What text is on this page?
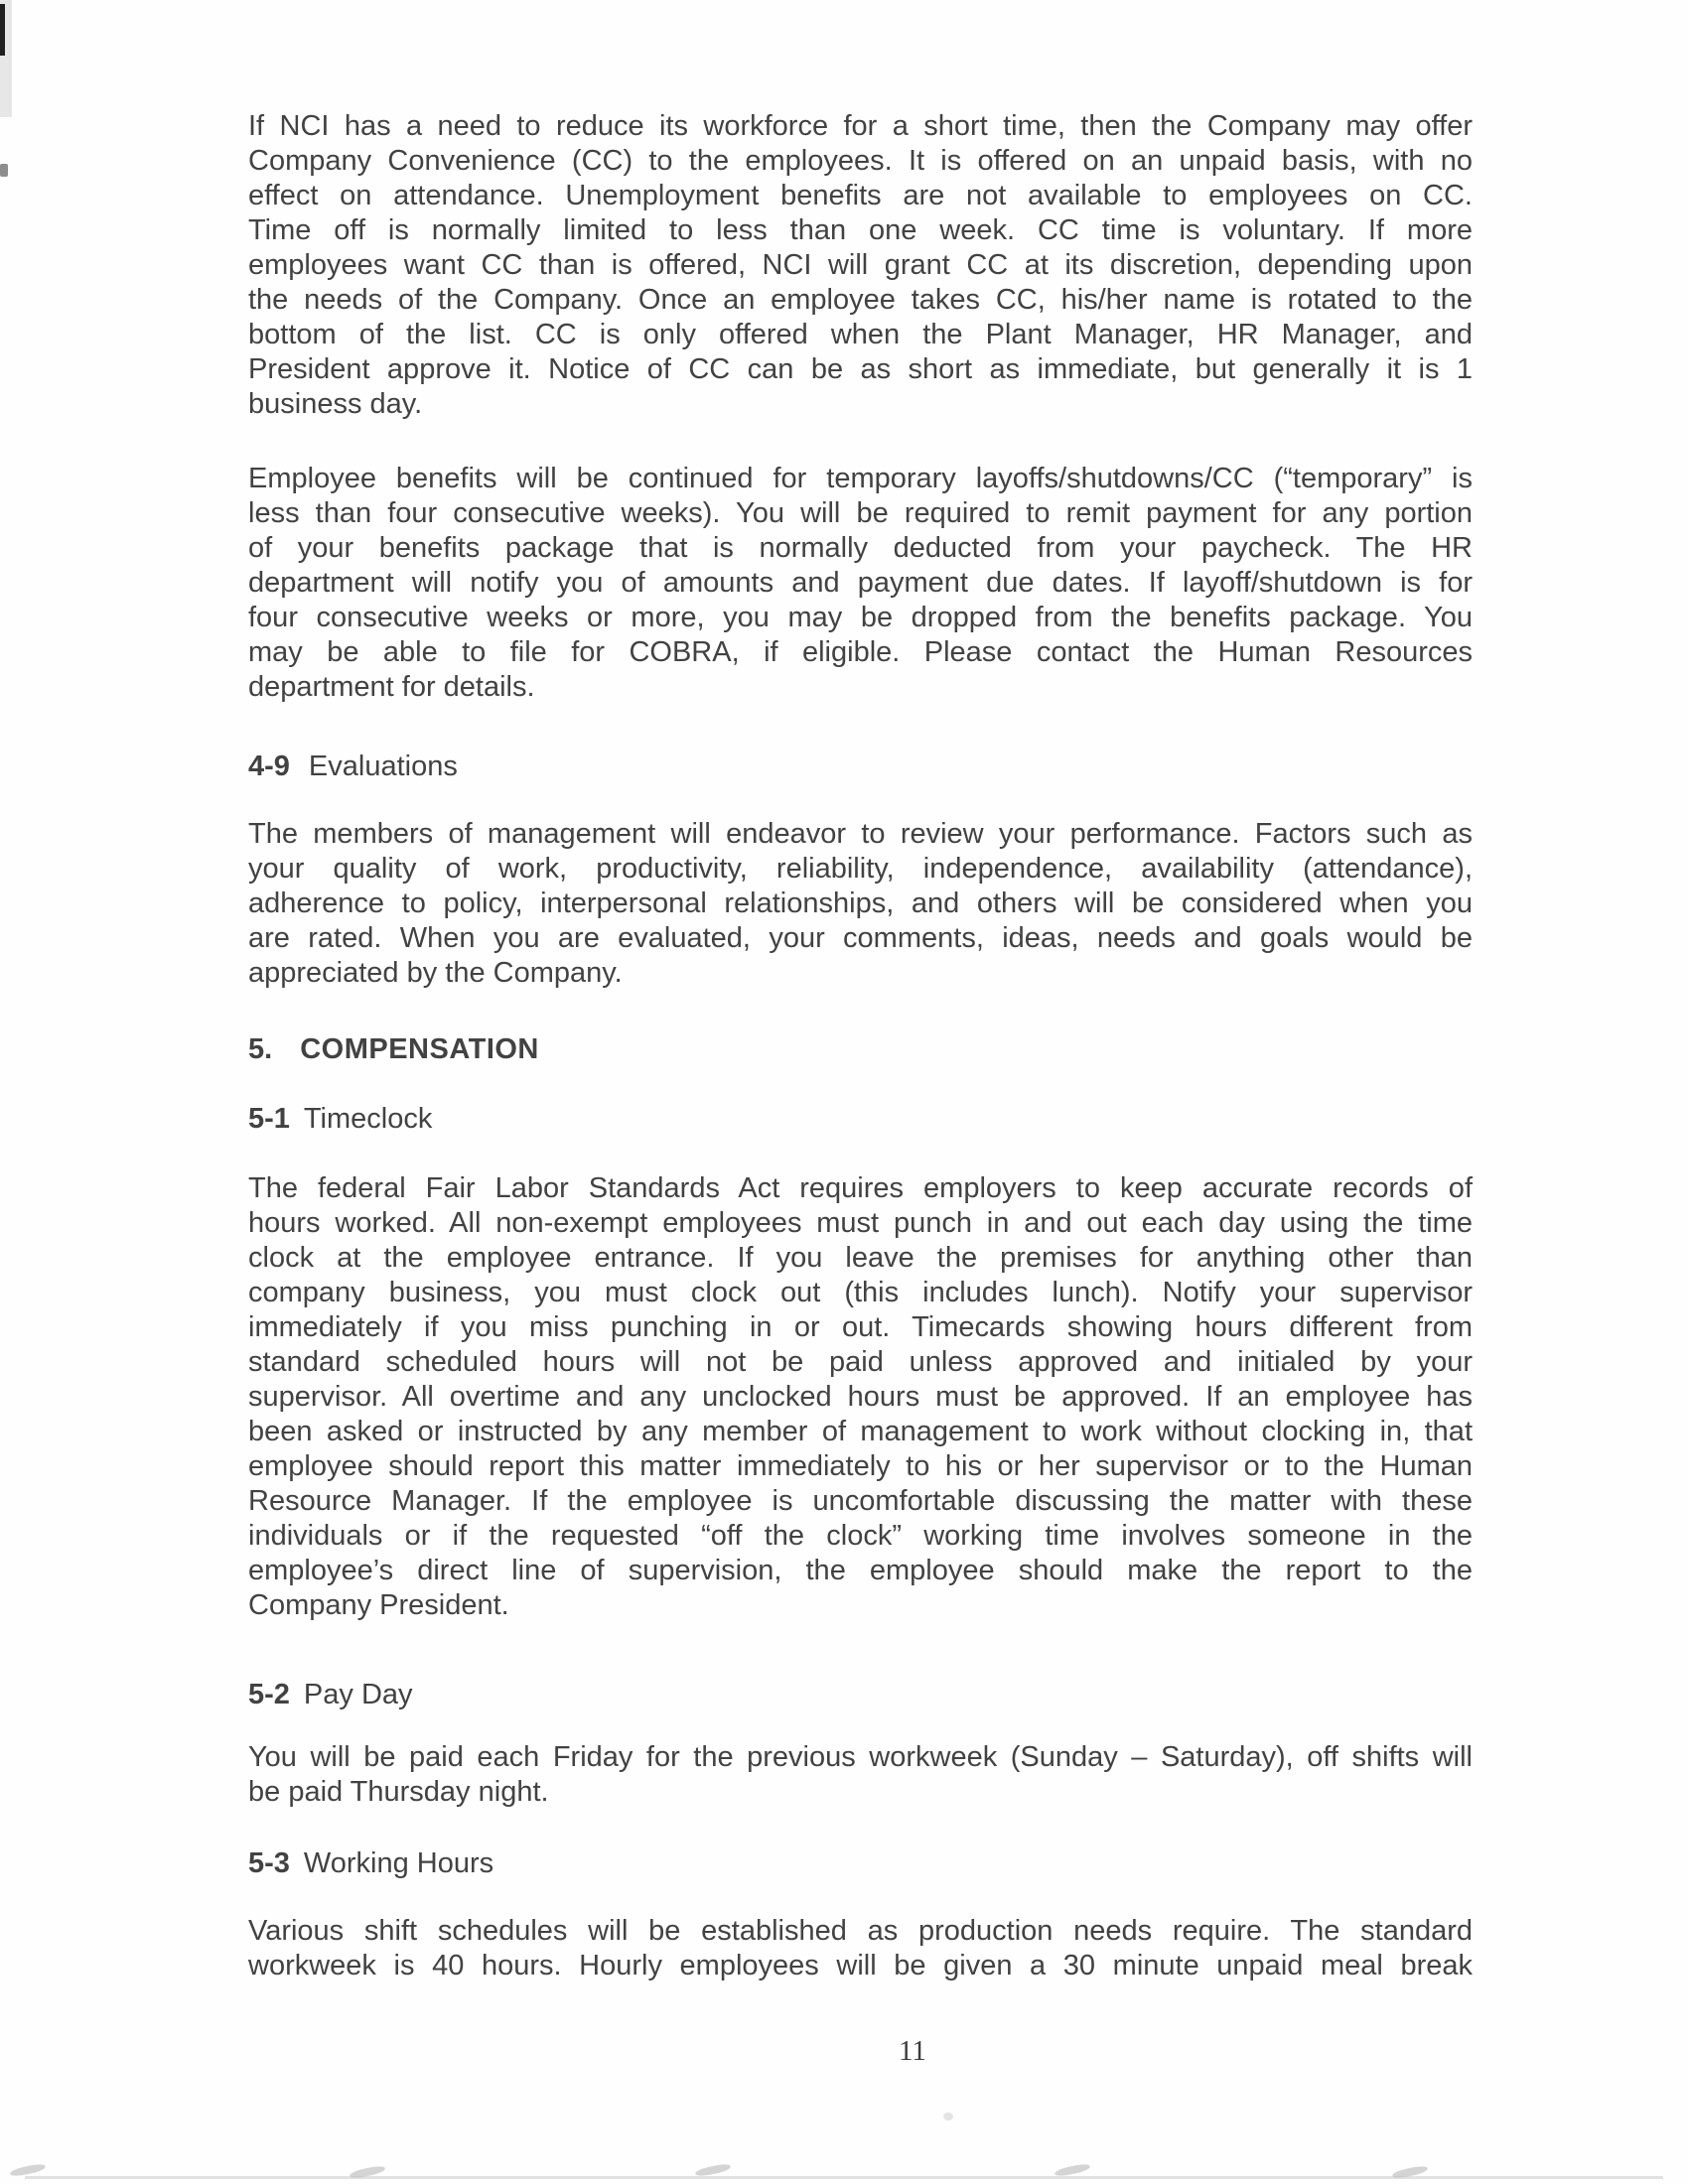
If NCI has a need to reduce its workforce for a short time, then the Company may offer
Company Convenience (CC) to the employees. It is offered on an unpaid basis, with no
effect on attendance. Unemployment benefits are not available to employees on CC.
Time off is normally limited to less than one week. CC time is voluntary. If more
employees want CC than is offered, NCI will grant CC at its discretion, depending upon
the needs of the Company. Once an employee takes CC, his/her name is rotated to the
bottom of the list. CC is only offered when the Plant Manager, HR Manager, and
President approve it. Notice of CC can be as short as immediate, but generally it is 1
business day.
Employee benefits will be continued for temporary layoffs/shutdowns/CC (“temporary” is
less than four consecutive weeks). You will be required to remit payment for any portion
of your benefits package that is normally deducted from your paycheck. The HR
department will notify you of amounts and payment due dates. If layoff/shutdown is for
four consecutive weeks or more, you may be dropped from the benefits package. You
may be able to file for COBRA, if eligible. Please contact the Human Resources
department for details.
4-9 Evaluations
The members of management will endeavor to review your performance. Factors such as
your quality of work, productivity, reliability, independence, availability (attendance),
adherence to policy, interpersonal relationships, and others will be considered when you
are rated. When you are evaluated, your comments, ideas, needs and goals would be
appreciated by the Company.
5. COMPENSATION
5-1 Timeclock
The federal Fair Labor Standards Act requires employers to keep accurate records of
hours worked. All non-exempt employees must punch in and out each day using the time
clock at the employee entrance. If you leave the premises for anything other than
company business, you must clock out (this includes lunch). Notify your supervisor
immediately if you miss punching in or out. Timecards showing hours different from
standard scheduled hours will not be paid unless approved and initialed by your
supervisor. All overtime and any unclocked hours must be approved. If an employee has
been asked or instructed by any member of management to work without clocking in, that
employee should report this matter immediately to his or her supervisor or to the Human
Resource Manager. If the employee is uncomfortable discussing the matter with these
individuals or if the requested “off the clock” working time involves someone in the
employee’s direct line of supervision, the employee should make the report to the
Company President.
5-2 Pay Day
You will be paid each Friday for the previous workweek (Sunday – Saturday), off shifts will
be paid Thursday night.
5-3 Working Hours
Various shift schedules will be established as production needs require. The standard
workweek is 40 hours. Hourly employees will be given a 30 minute unpaid meal break
11
